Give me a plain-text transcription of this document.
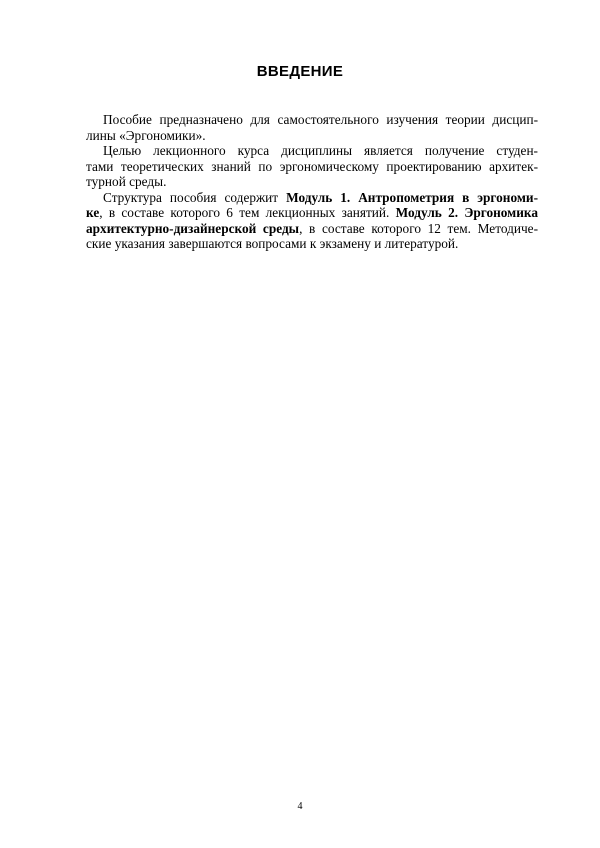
ВВЕДЕНИЕ
Пособие предназначено для самостоятельного изучения теории дисцип-
лины «Эргономики».
Целью лекционного курса дисциплины является получение студен-
тами теоретических знаний по эргономическому проектированию архитек-
турной среды.
Структура пособия содержит Модуль 1. Антропометрия в эргономи-
ке, в составе которого 6 тем лекционных занятий. Модуль 2. Эргономика
архитектурно-дизайнерской среды, в составе которого 12 тем. Методиче-
ские указания завершаются вопросами к экзамену и литературой.
4
